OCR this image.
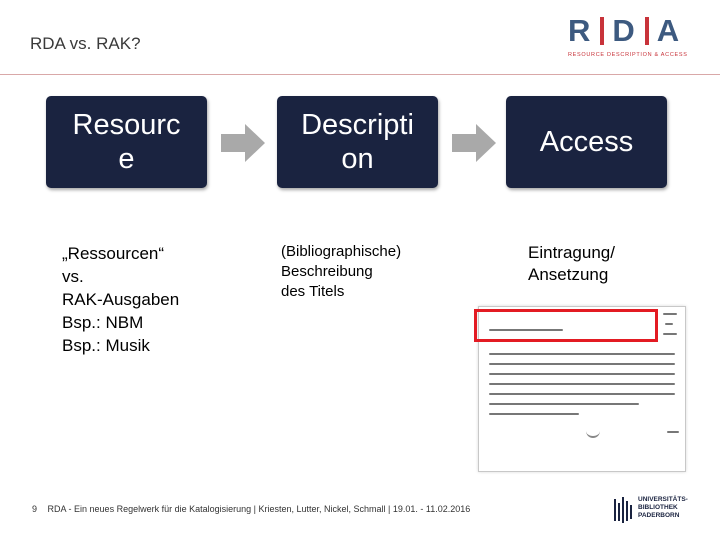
RDA vs. RAK?	R D A
RESOURCE DESCRIPTION & ACCESS
Resourc e
Descripti on
Access
„Ressourcen“
vs.
RAK-Ausgaben
Bsp.: NBM
Bsp.: Musik
(Bibliographische)
Beschreibung
des Titels
Eintragung/
Ansetzung
9 RDA - Ein neues Regelwerk für die Katalogisierung | Kriesten, Lutter, Nickel, Schmall | 19.01. - 11.02.2016
UNIVERSITÄTS-
BIBLIOTHEK
PADERBORN
